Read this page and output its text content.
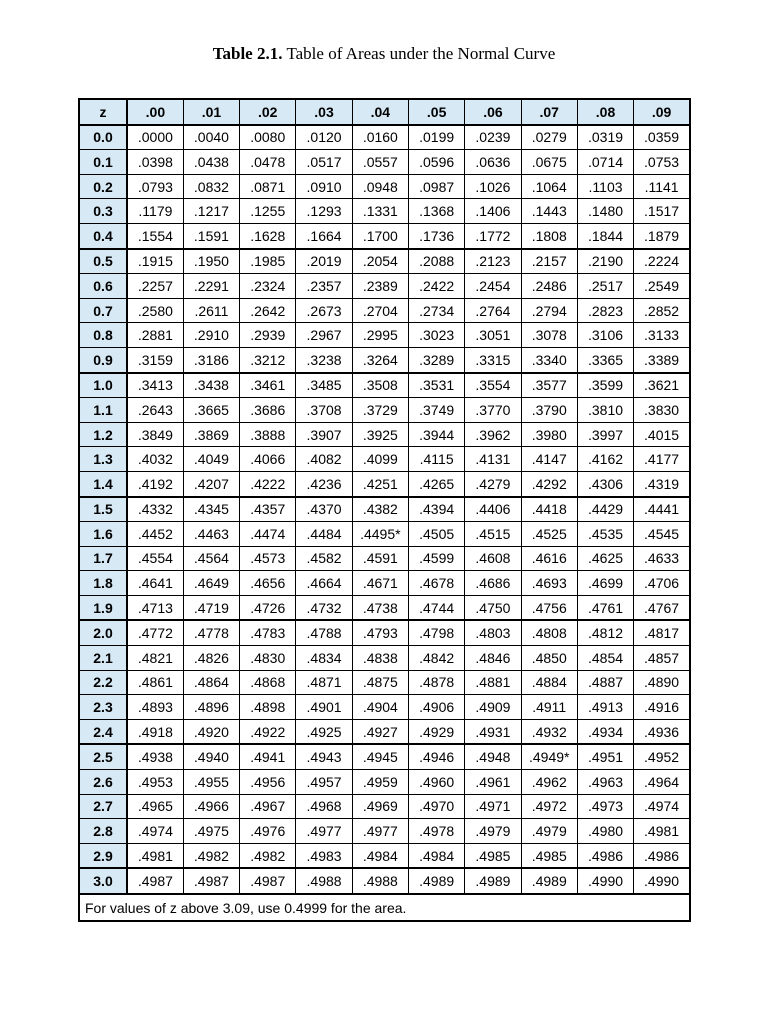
Table 2.1. Table of Areas under the Normal Curve
z	.00	.01	.02	.03	.04	.05	.06	.07	.08	.09
0.0	.0000	.0040	.0080	.0120	.0160	.0199	.0239	.0279	.0319	.0359
0.1	.0398	.0438	.0478	.0517	.0557	.0596	.0636	.0675	.0714	.0753
0.2	.0793	.0832	.0871	.0910	.0948	.0987	.1026	.1064	.1103	.1141
0.3	.1179	.1217	.1255	.1293	.1331	.1368	.1406	.1443	.1480	.1517
0.4	.1554	.1591	.1628	.1664	.1700	.1736	.1772	.1808	.1844	.1879
0.5	.1915	.1950	.1985	.2019	.2054	.2088	.2123	.2157	.2190	.2224
0.6	.2257	.2291	.2324	.2357	.2389	.2422	.2454	.2486	.2517	.2549
0.7	.2580	.2611	.2642	.2673	.2704	.2734	.2764	.2794	.2823	.2852
0.8	.2881	.2910	.2939	.2967	.2995	.3023	.3051	.3078	.3106	.3133
0.9	.3159	.3186	.3212	.3238	.3264	.3289	.3315	.3340	.3365	.3389
1.0	.3413	.3438	.3461	.3485	.3508	.3531	.3554	.3577	.3599	.3621
1.1	.2643	.3665	.3686	.3708	.3729	.3749	.3770	.3790	.3810	.3830
1.2	.3849	.3869	.3888	.3907	.3925	.3944	.3962	.3980	.3997	.4015
1.3	.4032	.4049	.4066	.4082	.4099	.4115	.4131	.4147	.4162	.4177
1.4	.4192	.4207	.4222	.4236	.4251	.4265	.4279	.4292	.4306	.4319
1.5	.4332	.4345	.4357	.4370	.4382	.4394	.4406	.4418	.4429	.4441
1.6	.4452	.4463	.4474	.4484	.4495*	.4505	.4515	.4525	.4535	.4545
1.7	.4554	.4564	.4573	.4582	.4591	.4599	.4608	.4616	.4625	.4633
1.8	.4641	.4649	.4656	.4664	.4671	.4678	.4686	.4693	.4699	.4706
1.9	.4713	.4719	.4726	.4732	.4738	.4744	.4750	.4756	.4761	.4767
2.0	.4772	.4778	.4783	.4788	.4793	.4798	.4803	.4808	.4812	.4817
2.1	.4821	.4826	.4830	.4834	.4838	.4842	.4846	.4850	.4854	.4857
2.2	.4861	.4864	.4868	.4871	.4875	.4878	.4881	.4884	.4887	.4890
2.3	.4893	.4896	.4898	.4901	.4904	.4906	.4909	.4911	.4913	.4916
2.4	.4918	.4920	.4922	.4925	.4927	.4929	.4931	.4932	.4934	.4936
2.5	.4938	.4940	.4941	.4943	.4945	.4946	.4948	.4949*	.4951	.4952
2.6	.4953	.4955	.4956	.4957	.4959	.4960	.4961	.4962	.4963	.4964
2.7	.4965	.4966	.4967	.4968	.4969	.4970	.4971	.4972	.4973	.4974
2.8	.4974	.4975	.4976	.4977	.4977	.4978	.4979	.4979	.4980	.4981
2.9	.4981	.4982	.4982	.4983	.4984	.4984	.4985	.4985	.4986	.4986
3.0	.4987	.4987	.4987	.4988	.4988	.4989	.4989	.4989	.4990	.4990
For values of z above 3.09, use 0.4999 for the area.										
